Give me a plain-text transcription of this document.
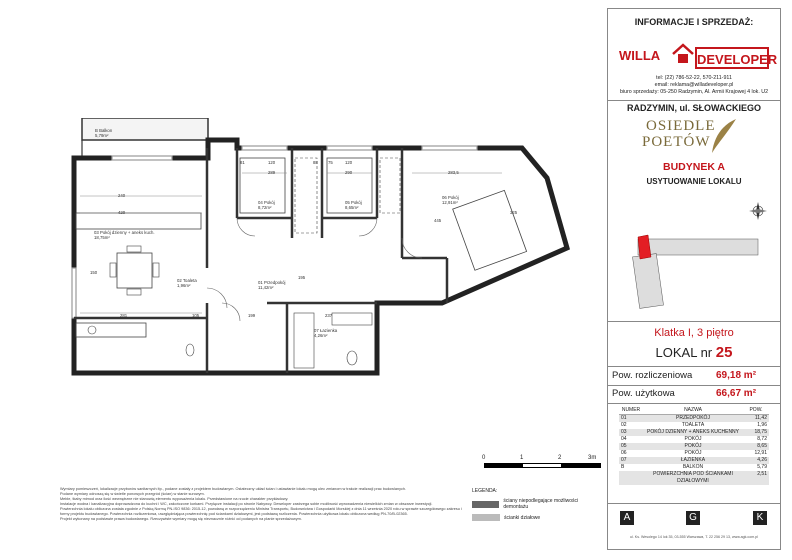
B Balkon
5,79m²
03 Pokój dzienny + aneks kuch.
18,75m²
04 Pokój
8,72m²
05 Pokój
8,65m²
06 Pokój
12,91m²
01 Przedpokój
11,42m²
02 Toaleta
1,96m²
07 Łazienka
4,26m²
240
420
289	290	283,5
120	120
81	88 75
150
281	105	199	237
445
325
195
0	1	2	3m
Wymiary pomieszczeń, lokalizacje przyborów sanitarnych itp., podane zostały z projektem budowlanym. Ostateczny układ ścian i ustawianie lokalu mogą ulec zmianom w trakcie realizacji prac budowlanych.
Podane wymiary odnoszą się w świetle ponowych przegród (ścian) w stanie surowym.
Meble, tkaby mimod oraz ilość wewnętrzne nie stanowią elementu wyposażenia lokalu. Przedstawione na rzucie charakter przykładowy.
Instalacje wodna i kanalizacyjna doprowadzona do kuchni i WC, zakończone korkami. Przyłącze instalacji po stronie Nabywcy. Deweloper zastrzega sobie możliwość wprowadzenia niewielkich zmian w obszarze inwestycji.
Powierzchnia lokalu obliczona została zgodnie z Polską Normą PN-ISO 9836: 2015-12, powołaną w rozporządzeniu Ministra Transportu, Budownictwa i Gospodarki Morskiej z dnia 11 września 2020 roku w sprawie szczegółowego zakresu i formy projektu budowlanego. Powierzchnia rozliczeniowa, uwzględniająca powierzchnię pod ściankami działowymi, jest podstawą rozliczenia. Powierzchnia użytkowa lokalu obliczona według PN-70/B-02365.
Projekt wykonany na podstawie prawa budowlanego. Rzeczywiste wymiary mogą się nieznacznie różnić od podanych na planie sprzedażowym.
LEGENDA:
ściany niepodlegające możliwości demontażu
ścianki działowe
INFORMACJE I SPRZEDAŻ:
WILLA	DEVELOPER
tel: (22) 786-52-22, 570-211-911
email: reklama@willadeveloper.pl
biuro sprzedaży: 05-250 Radzymin, Al. Armii Krajowej 4 lok. U2
RADZYMIN, ul. SŁOWACKIEGO
OSIEDLE
POETÓW
BUDYNEK A
USYTUOWANIE LOKALU
Klatka I, 3 piętro
LOKAL nr 25
Pow. rozliczeniowa 69,18 m²
Pow. użytkowa	66,67 m²
NUMER	NAZWA	POW.
01	PRZEDPOKÓJ	11,42
02	TOALETA	1,96
03	POKÓJ DZIENNY + ANEKS KUCHENNY	18,75
04	POKÓJ	8,72
05	POKÓJ	8,65
06	POKÓJ	12,91
07	ŁAZIENKA	4,26
B	BALKON	5,79
	POWIERZCHNIA POD ŚCIANKAMI DZIAŁOWYMI	2,51
A	G	K
ul. Ks. Wesolego 14 lok 35, 03-555 Warszawa, T. 22 256 29 13, www.agk.com.pl
